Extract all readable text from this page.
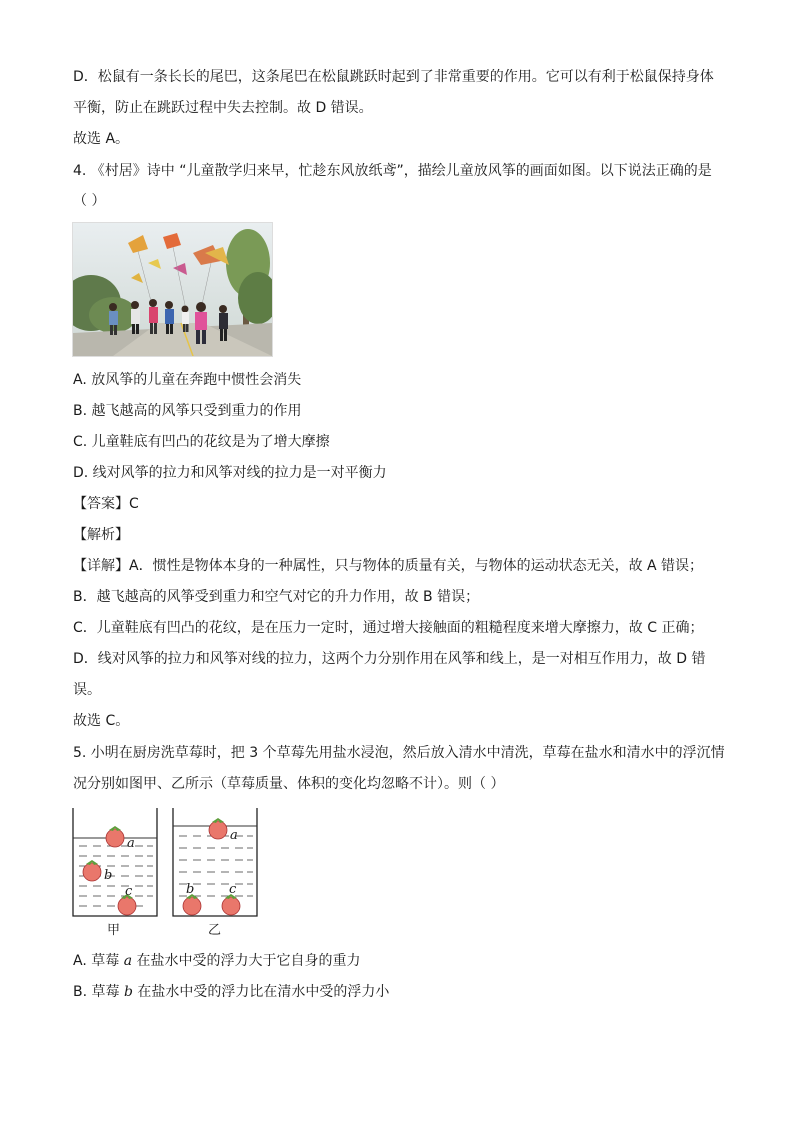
D．松鼠有一条长长的尾巴，这条尾巴在松鼠跳跃时起到了非常重要的作用。它可以有利于松鼠保持身体
平衡，防止在跳跃过程中失去控制。故 D 错误。
故选 A。
4. 《村居》诗中 “儿童散学归来早，忙趁东风放纸鸢”，描绘儿童放风筝的画面如图。以下说法正确的是
（ ）
A. 放风筝的儿童在奔跑中惯性会消失
B. 越飞越高的风筝只受到重力的作用
C. 儿童鞋底有凹凸的花纹是为了增大摩擦
D. 线对风筝的拉力和风筝对线的拉力是一对平衡力
【答案】C
【解析】
【详解】A．惯性是物体本身的一种属性，只与物体的质量有关，与物体的运动状态无关，故 A 错误；
B．越飞越高的风筝受到重力和空气对它的升力作用，故 B 错误；
C．儿童鞋底有凹凸的花纹，是在压力一定时，通过增大接触面的粗糙程度来增大摩擦力，故 C 正确；
D．线对风筝的拉力和风筝对线的拉力，这两个力分别作用在风筝和线上，是一对相互作用力，故 D 错
误。
故选 C。
5. 小明在厨房洗草莓时，把 3 个草莓先用盐水浸泡，然后放入清水中清洗，草莓在盐水和清水中的浮沉情
况分别如图甲、乙所示（草莓质量、体积的变化均忽略不计）。则（ ）
a
b
c
a
b	c
甲	乙
A. 草莓 a 在盐水中受的浮力大于它自身的重力
B. 草莓 b 在盐水中受的浮力比在清水中受的浮力小
